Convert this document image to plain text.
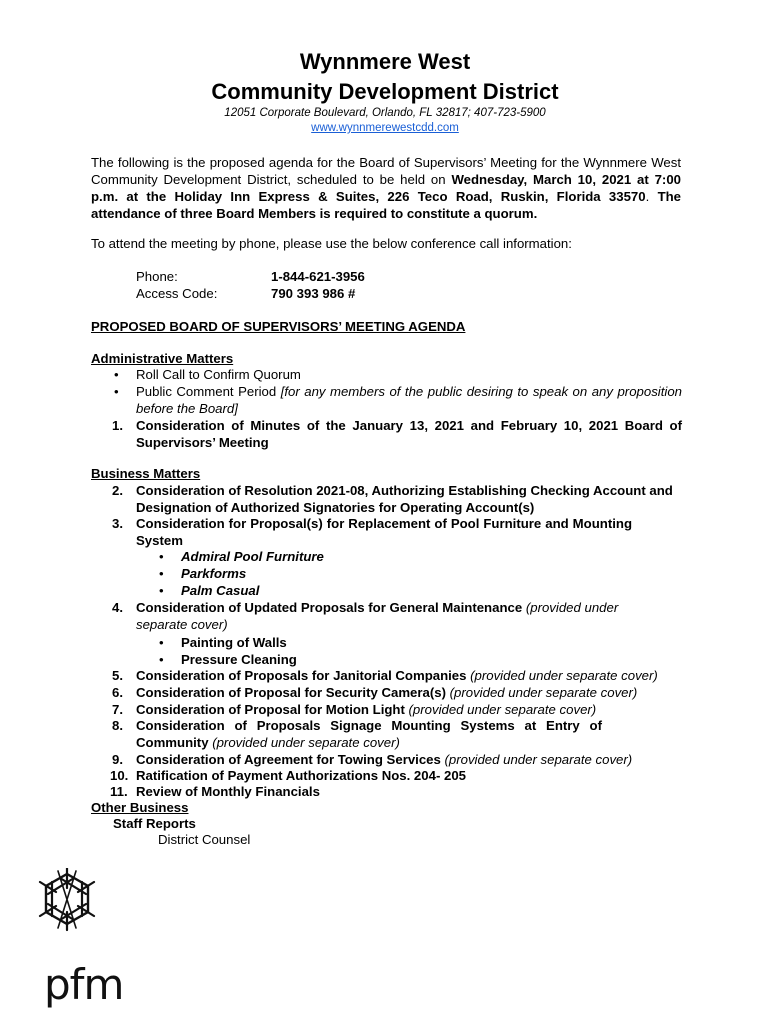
Wynnmere West
Community Development District
12051 Corporate Boulevard, Orlando, FL 32817; 407-723-5900
www.wynnmerewestcdd.com
The following is the proposed agenda for the Board of Supervisors’ Meeting for the Wynnmere West Community Development District, scheduled to be held on Wednesday, March 10, 2021 at 7:00 p.m. at the Holiday Inn Express & Suites, 226 Teco Road, Ruskin, Florida 33570. The attendance of three Board Members is required to constitute a quorum.
To attend the meeting by phone, please use the below conference call information:
Phone:	1-844-621-3956
Access Code:	790 393 986 #
PROPOSED BOARD OF SUPERVISORS’ MEETING AGENDA
Administrative Matters
• Roll Call to Confirm Quorum
• Public Comment Period [for any members of the public desiring to speak on any proposition before the Board]
1. Consideration of Minutes of the January 13, 2021 and February 10, 2021 Board of Supervisors’ Meeting
Business Matters
2. Consideration of Resolution 2021-08, Authorizing Establishing Checking Account and Designation of Authorized Signatories for Operating Account(s)
3. Consideration for Proposal(s) for Replacement of Pool Furniture and Mounting System
• Admiral Pool Furniture
• Parkforms
• Palm Casual
4. Consideration of Updated Proposals for General Maintenance (provided under separate cover)
• Painting of Walls
• Pressure Cleaning
5. Consideration of Proposals for Janitorial Companies (provided under separate cover)
6. Consideration of Proposal for Security Camera(s) (provided under separate cover)
7. Consideration of Proposal for Motion Light (provided under separate cover)
8. Consideration of Proposals Signage Mounting Systems at Entry of Community (provided under separate cover)
9. Consideration of Agreement for Towing Services (provided under separate cover)
10. Ratification of Payment Authorizations Nos. 204- 205
11. Review of Monthly Financials
Other Business
Staff Reports
District Counsel
pfm
